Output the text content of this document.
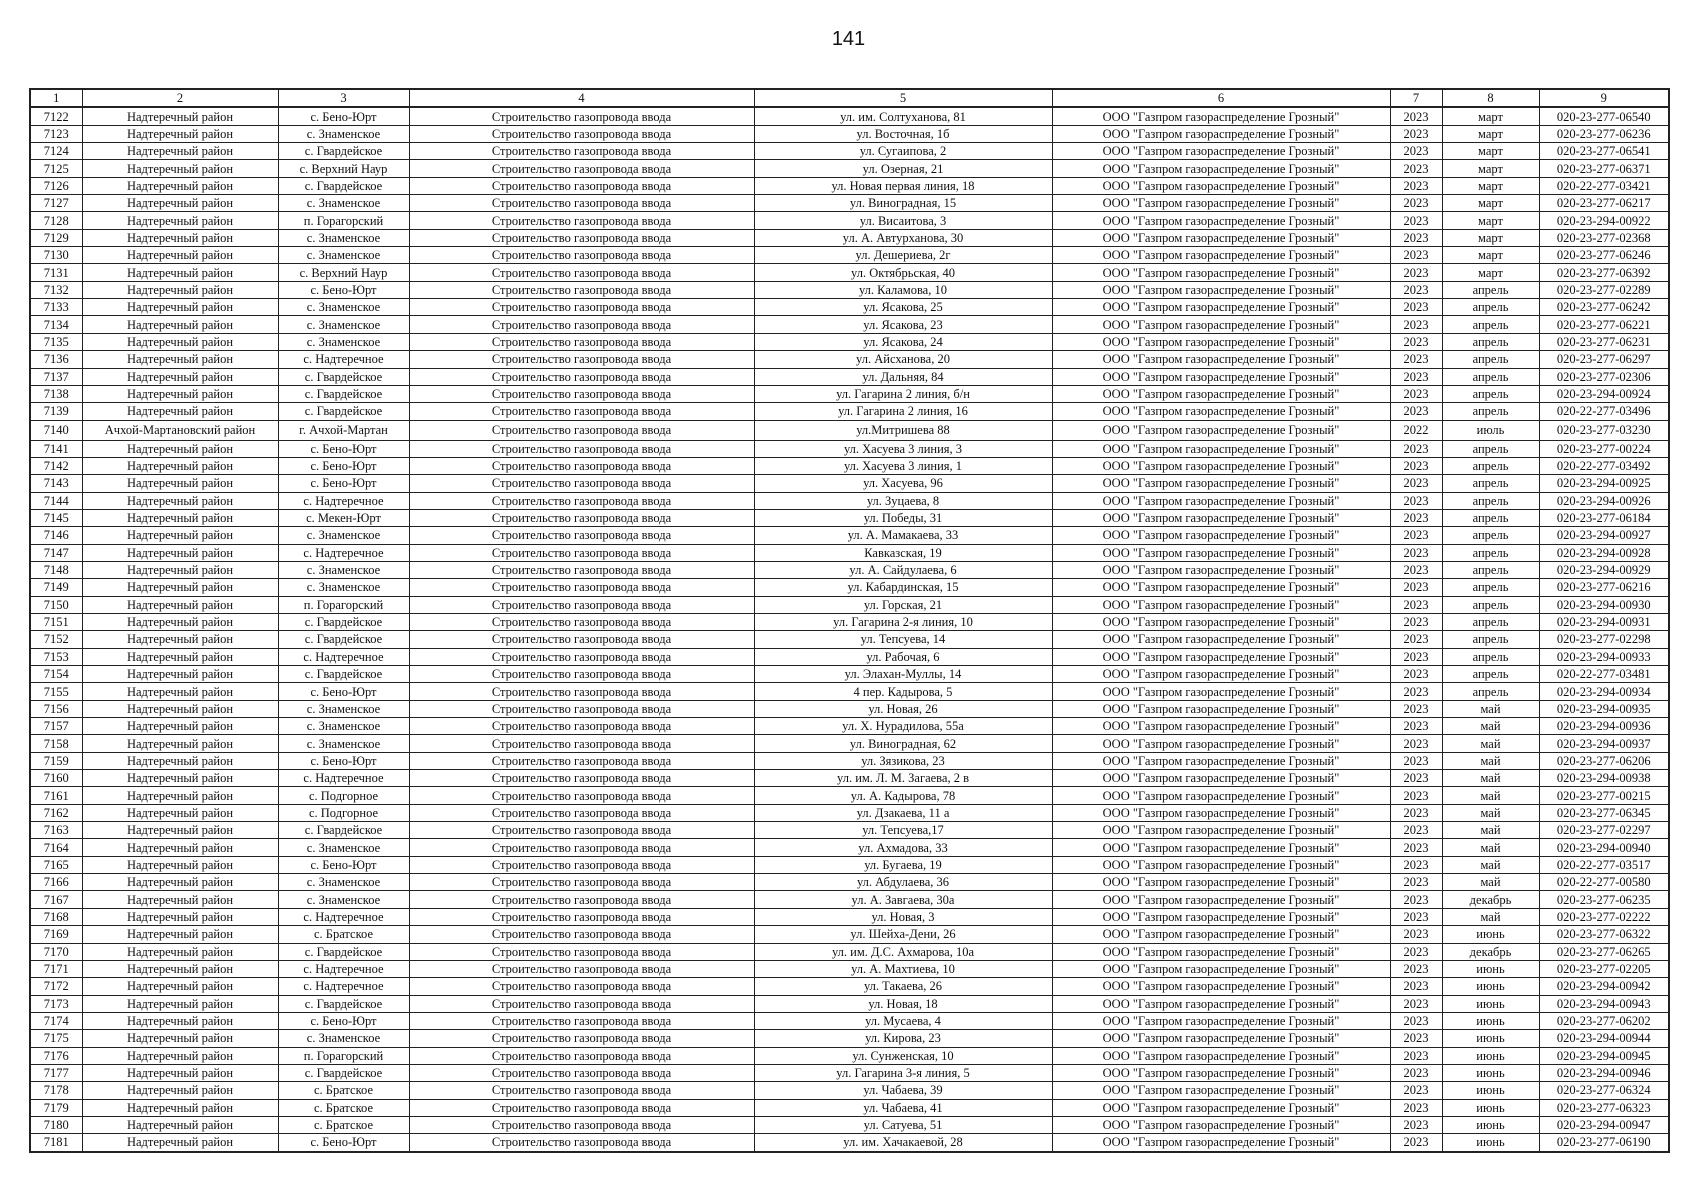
141
1	2	3	4	5	6	7	8	9
7122	Надтеречный район	с. Бено-Юрт	Строительство газопровода ввода	ул. им. Солтуханова, 81	ООО "Газпром газораспределение Грозный"	2023	март	020-23-277-06540
7123	Надтеречный район	с. Знаменское	Строительство газопровода ввода	ул. Восточная, 1б	ООО "Газпром газораспределение Грозный"	2023	март	020-23-277-06236
7124	Надтеречный район	с. Гвардейское	Строительство газопровода ввода	ул. Сугаипова, 2	ООО "Газпром газораспределение Грозный"	2023	март	020-23-277-06541
7125	Надтеречный район	с. Верхний Наур	Строительство газопровода ввода	ул. Озерная, 21	ООО "Газпром газораспределение Грозный"	2023	март	020-23-277-06371
7126	Надтеречный район	с. Гвардейское	Строительство газопровода ввода	ул. Новая первая линия, 18	ООО "Газпром газораспределение Грозный"	2023	март	020-22-277-03421
7127	Надтеречный район	с. Знаменское	Строительство газопровода ввода	ул. Виноградная, 15	ООО "Газпром газораспределение Грозный"	2023	март	020-23-277-06217
7128	Надтеречный район	п. Горагорский	Строительство газопровода ввода	ул. Висаитова, 3	ООО "Газпром газораспределение Грозный"	2023	март	020-23-294-00922
7129	Надтеречный район	с. Знаменское	Строительство газопровода ввода	ул. А. Автурханова, 30	ООО "Газпром газораспределение Грозный"	2023	март	020-23-277-02368
7130	Надтеречный район	с. Знаменское	Строительство газопровода ввода	ул. Дешериева, 2г	ООО "Газпром газораспределение Грозный"	2023	март	020-23-277-06246
7131	Надтеречный район	с. Верхний Наур	Строительство газопровода ввода	ул. Октябрьская, 40	ООО "Газпром газораспределение Грозный"	2023	март	020-23-277-06392
7132	Надтеречный район	с. Бено-Юрт	Строительство газопровода ввода	ул. Каламова, 10	ООО "Газпром газораспределение Грозный"	2023	апрель	020-23-277-02289
7133	Надтеречный район	с. Знаменское	Строительство газопровода ввода	ул. Ясакова, 25	ООО "Газпром газораспределение Грозный"	2023	апрель	020-23-277-06242
7134	Надтеречный район	с. Знаменское	Строительство газопровода ввода	ул. Ясакова, 23	ООО "Газпром газораспределение Грозный"	2023	апрель	020-23-277-06221
7135	Надтеречный район	с. Знаменское	Строительство газопровода ввода	ул. Ясакова, 24	ООО "Газпром газораспределение Грозный"	2023	апрель	020-23-277-06231
7136	Надтеречный район	с. Надтеречное	Строительство газопровода ввода	ул. Айсханова, 20	ООО "Газпром газораспределение Грозный"	2023	апрель	020-23-277-06297
7137	Надтеречный район	с. Гвардейское	Строительство газопровода ввода	ул. Дальняя, 84	ООО "Газпром газораспределение Грозный"	2023	апрель	020-23-277-02306
7138	Надтеречный район	с. Гвардейское	Строительство газопровода ввода	ул. Гагарина 2 линия, б/н	ООО "Газпром газораспределение Грозный"	2023	апрель	020-23-294-00924
7139	Надтеречный район	с. Гвардейское	Строительство газопровода ввода	ул. Гагарина 2 линия, 16	ООО "Газпром газораспределение Грозный"	2023	апрель	020-22-277-03496
7140	Ачхой-Мартановский район	г. Ачхой-Мартан	Строительство газопровода ввода	ул.Митришева 88	ООО "Газпром газораспределение Грозный"	2022	июль	020-23-277-03230
7141	Надтеречный район	с. Бено-Юрт	Строительство газопровода ввода	ул. Хасуева 3 линия, 3	ООО "Газпром газораспределение Грозный"	2023	апрель	020-23-277-00224
7142	Надтеречный район	с. Бено-Юрт	Строительство газопровода ввода	ул. Хасуева 3 линия, 1	ООО "Газпром газораспределение Грозный"	2023	апрель	020-22-277-03492
7143	Надтеречный район	с. Бено-Юрт	Строительство газопровода ввода	ул. Хасуева, 96	ООО "Газпром газораспределение Грозный"	2023	апрель	020-23-294-00925
7144	Надтеречный район	с. Надтеречное	Строительство газопровода ввода	ул. Зуцаева, 8	ООО "Газпром газораспределение Грозный"	2023	апрель	020-23-294-00926
7145	Надтеречный район	с. Мекен-Юрт	Строительство газопровода ввода	ул. Победы, 31	ООО "Газпром газораспределение Грозный"	2023	апрель	020-23-277-06184
7146	Надтеречный район	с. Знаменское	Строительство газопровода ввода	ул. А. Мамакаева, 33	ООО "Газпром газораспределение Грозный"	2023	апрель	020-23-294-00927
7147	Надтеречный район	с. Надтеречное	Строительство газопровода ввода	Кавказская, 19	ООО "Газпром газораспределение Грозный"	2023	апрель	020-23-294-00928
7148	Надтеречный район	с. Знаменское	Строительство газопровода ввода	ул. А. Сайдулаева, 6	ООО "Газпром газораспределение Грозный"	2023	апрель	020-23-294-00929
7149	Надтеречный район	с. Знаменское	Строительство газопровода ввода	ул. Кабардинская, 15	ООО "Газпром газораспределение Грозный"	2023	апрель	020-23-277-06216
7150	Надтеречный район	п. Горагорский	Строительство газопровода ввода	ул. Горская, 21	ООО "Газпром газораспределение Грозный"	2023	апрель	020-23-294-00930
7151	Надтеречный район	с. Гвардейское	Строительство газопровода ввода	ул. Гагарина 2-я линия, 10	ООО "Газпром газораспределение Грозный"	2023	апрель	020-23-294-00931
7152	Надтеречный район	с. Гвардейское	Строительство газопровода ввода	ул. Тепсуева, 14	ООО "Газпром газораспределение Грозный"	2023	апрель	020-23-277-02298
7153	Надтеречный район	с. Надтеречное	Строительство газопровода ввода	ул. Рабочая, 6	ООО "Газпром газораспределение Грозный"	2023	апрель	020-23-294-00933
7154	Надтеречный район	с. Гвардейское	Строительство газопровода ввода	ул. Элахан-Муллы, 14	ООО "Газпром газораспределение Грозный"	2023	апрель	020-22-277-03481
7155	Надтеречный район	с. Бено-Юрт	Строительство газопровода ввода	4 пер. Кадырова, 5	ООО "Газпром газораспределение Грозный"	2023	апрель	020-23-294-00934
7156	Надтеречный район	с. Знаменское	Строительство газопровода ввода	ул. Новая, 26	ООО "Газпром газораспределение Грозный"	2023	май	020-23-294-00935
7157	Надтеречный район	с. Знаменское	Строительство газопровода ввода	ул. Х. Нурадилова, 55а	ООО "Газпром газораспределение Грозный"	2023	май	020-23-294-00936
7158	Надтеречный район	с. Знаменское	Строительство газопровода ввода	ул. Виноградная, 62	ООО "Газпром газораспределение Грозный"	2023	май	020-23-294-00937
7159	Надтеречный район	с. Бено-Юрт	Строительство газопровода ввода	ул. Зязикова, 23	ООО "Газпром газораспределение Грозный"	2023	май	020-23-277-06206
7160	Надтеречный район	с. Надтеречное	Строительство газопровода ввода	ул. им. Л. М. Загаева, 2 в	ООО "Газпром газораспределение Грозный"	2023	май	020-23-294-00938
7161	Надтеречный район	с. Подгорное	Строительство газопровода ввода	ул. А. Кадырова, 78	ООО "Газпром газораспределение Грозный"	2023	май	020-23-277-00215
7162	Надтеречный район	с. Подгорное	Строительство газопровода ввода	ул. Дзакаева, 11 а	ООО "Газпром газораспределение Грозный"	2023	май	020-23-277-06345
7163	Надтеречный район	с. Гвардейское	Строительство газопровода ввода	ул. Тепсуева,17	ООО "Газпром газораспределение Грозный"	2023	май	020-23-277-02297
7164	Надтеречный район	с. Знаменское	Строительство газопровода ввода	ул. Ахмадова, 33	ООО "Газпром газораспределение Грозный"	2023	май	020-23-294-00940
7165	Надтеречный район	с. Бено-Юрт	Строительство газопровода ввода	ул. Бугаева, 19	ООО "Газпром газораспределение Грозный"	2023	май	020-22-277-03517
7166	Надтеречный район	с. Знаменское	Строительство газопровода ввода	ул. Абдулаева, 36	ООО "Газпром газораспределение Грозный"	2023	май	020-22-277-00580
7167	Надтеречный район	с. Знаменское	Строительство газопровода ввода	ул. А. Завгаева, 30а	ООО "Газпром газораспределение Грозный"	2023	декабрь	020-23-277-06235
7168	Надтеречный район	с. Надтеречное	Строительство газопровода ввода	ул. Новая, 3	ООО "Газпром газораспределение Грозный"	2023	май	020-23-277-02222
7169	Надтеречный район	с. Братское	Строительство газопровода ввода	ул. Шейха-Дени, 26	ООО "Газпром газораспределение Грозный"	2023	июнь	020-23-277-06322
7170	Надтеречный район	с. Гвардейское	Строительство газопровода ввода	ул. им. Д.С. Ахмарова, 10а	ООО "Газпром газораспределение Грозный"	2023	декабрь	020-23-277-06265
7171	Надтеречный район	с. Надтеречное	Строительство газопровода ввода	ул. А. Махтиева, 10	ООО "Газпром газораспределение Грозный"	2023	июнь	020-23-277-02205
7172	Надтеречный район	с. Надтеречное	Строительство газопровода ввода	ул. Такаева, 26	ООО "Газпром газораспределение Грозный"	2023	июнь	020-23-294-00942
7173	Надтеречный район	с. Гвардейское	Строительство газопровода ввода	ул. Новая, 18	ООО "Газпром газораспределение Грозный"	2023	июнь	020-23-294-00943
7174	Надтеречный район	с. Бено-Юрт	Строительство газопровода ввода	ул. Мусаева, 4	ООО "Газпром газораспределение Грозный"	2023	июнь	020-23-277-06202
7175	Надтеречный район	с. Знаменское	Строительство газопровода ввода	ул. Кирова, 23	ООО "Газпром газораспределение Грозный"	2023	июнь	020-23-294-00944
7176	Надтеречный район	п. Горагорский	Строительство газопровода ввода	ул. Сунженская, 10	ООО "Газпром газораспределение Грозный"	2023	июнь	020-23-294-00945
7177	Надтеречный район	с. Гвардейское	Строительство газопровода ввода	ул. Гагарина 3-я линия, 5	ООО "Газпром газораспределение Грозный"	2023	июнь	020-23-294-00946
7178	Надтеречный район	с. Братское	Строительство газопровода ввода	ул. Чабаева, 39	ООО "Газпром газораспределение Грозный"	2023	июнь	020-23-277-06324
7179	Надтеречный район	с. Братское	Строительство газопровода ввода	ул. Чабаева, 41	ООО "Газпром газораспределение Грозный"	2023	июнь	020-23-277-06323
7180	Надтеречный район	с. Братское	Строительство газопровода ввода	ул. Сатуева, 51	ООО "Газпром газораспределение Грозный"	2023	июнь	020-23-294-00947
7181	Надтеречный район	с. Бено-Юрт	Строительство газопровода ввода	ул. им. Хачакаевой, 28	ООО "Газпром газораспределение Грозный"	2023	июнь	020-23-277-06190
